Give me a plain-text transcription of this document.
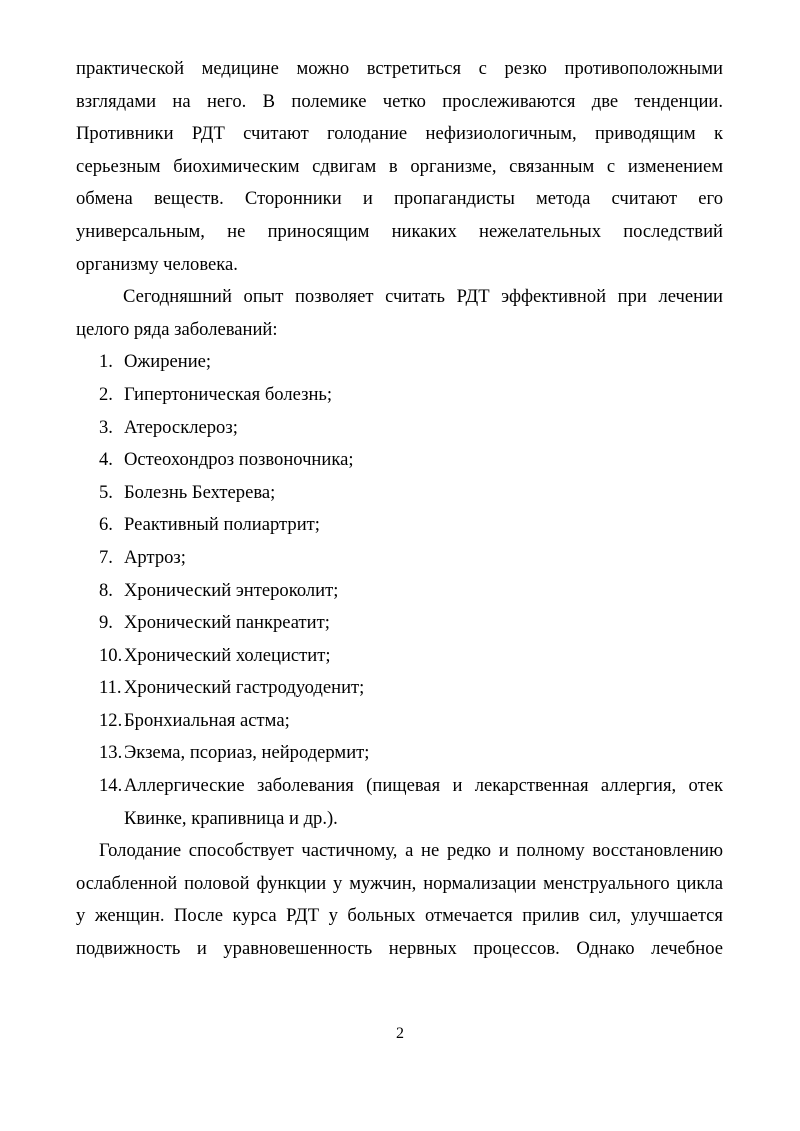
практической медицине можно встретиться с резко противоположными
взглядами на него. В полемике четко прослеживаются две тенденции.
Противники РДТ считают голодание нефизиологичным, приводящим к
серьезным биохимическим сдвигам в организме, связанным с изменением
обмена веществ. Сторонники и пропагандисты метода считают его
универсальным, не приносящим никаких нежелательных последствий
организму человека.
Сегодняшний опыт позволяет считать РДТ эффективной при лечении
целого ряда заболеваний:
1. Ожирение;
2. Гипертоническая болезнь;
3. Атеросклероз;
4. Остеохондроз позвоночника;
5. Болезнь Бехтерева;
6. Реактивный полиартрит;
7. Артроз;
8. Хронический энтероколит;
9. Хронический панкреатит;
10. Хронический холецистит;
11. Хронический гастродуоденит;
12. Бронхиальная астма;
13. Экзема, псориаз, нейродермит;
14. Аллергические заболевания (пищевая и лекарственная аллергия, отек
Квинке, крапивница и др.).
Голодание способствует частичному, а не редко и полному восстановлению
ослабленной половой функции у мужчин, нормализации менструального цикла
у женщин. После курса РДТ у больных отмечается прилив сил, улучшается
подвижность и уравновешенность нервных процессов. Однако лечебное
2
